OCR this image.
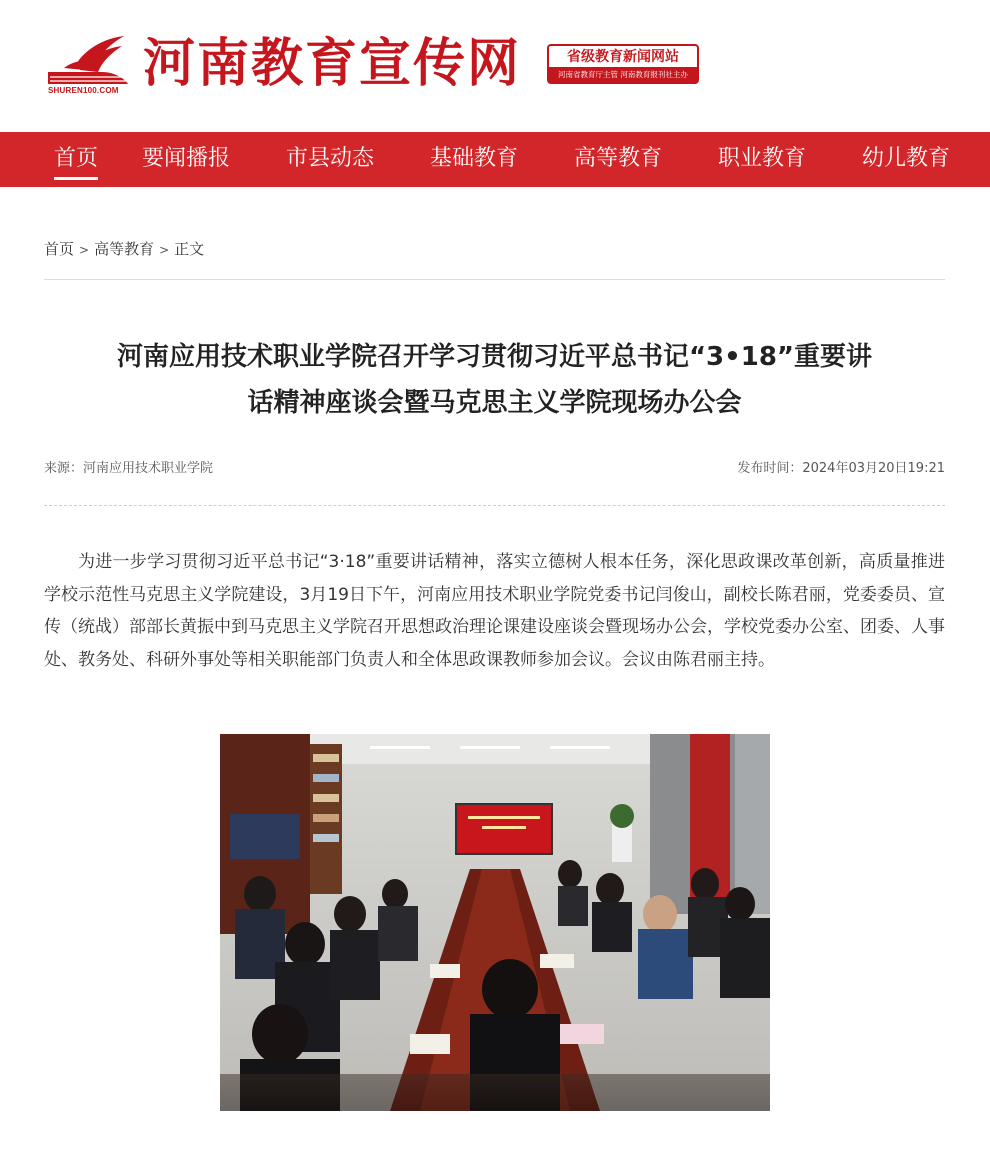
SHUREN100.COM 河南教育宣传网	省级教育新闻网站
河南省教育厅主管 河南教育报刊社主办
首页 要闻播报	市县动态	基础教育	高等教育	职业教育	幼儿教育
首页 > 高等教育 > 正文
河南应用技术职业学院召开学习贯彻习近平总书记“3•18”重要讲
话精神座谈会暨马克思主义学院现场办公会
来源：河南应用技术职业学院	发布时间：2024年03月20日19:21
为进一步学习贯彻习近平总书记“3·18”重要讲话精神，落实立德树人根本任务，深化思政课改革创新，高质量推进学校示范性马克思主义学院建设，3月19日下午，河南应用技术职业学院党委书记闫俊山，副校长陈君丽，党委委员、宣传（统战）部部长黄振中到马克思主义学院召开思想政治理论课建设座谈会暨现场办公会，学校党委办公室、团委、人事处、教务处、科研外事处等相关职能部门负责人和全体思政课教师参加会议。会议由陈君丽主持。
